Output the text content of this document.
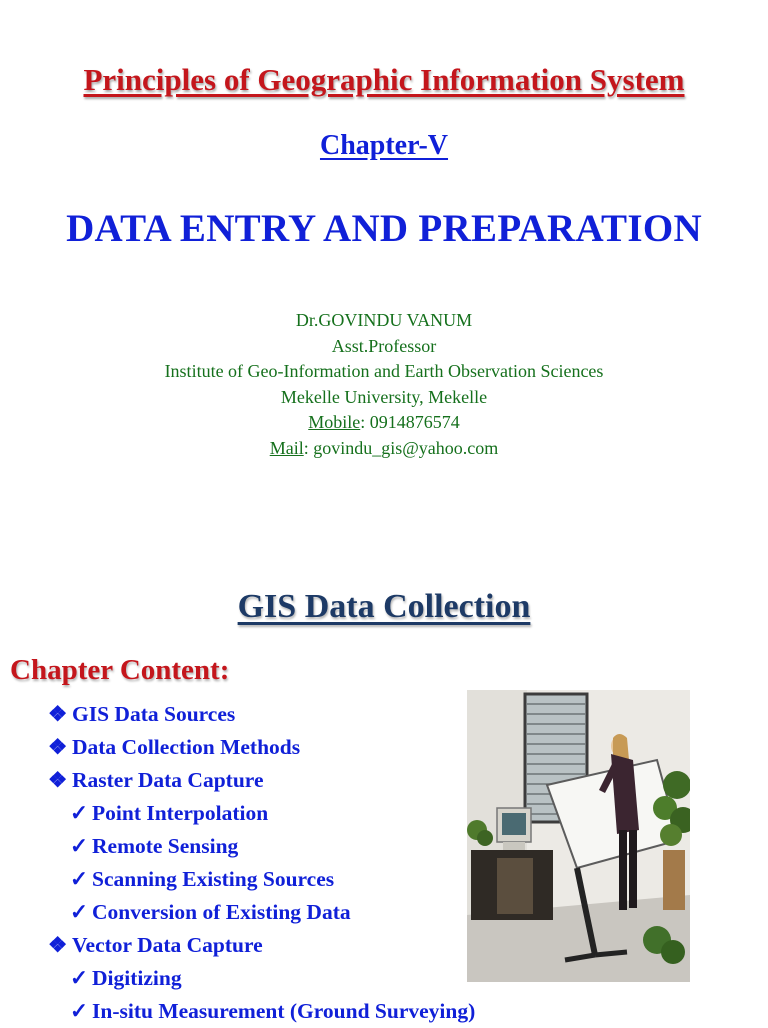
Principles of Geographic Information System
Chapter-V
DATA ENTRY AND PREPARATION
Dr.GOVINDU VANUM
Asst.Professor
Institute of Geo-Information and Earth Observation Sciences
Mekelle University, Mekelle
Mobile: 0914876574
Mail: govindu_gis@yahoo.com
GIS Data Collection
Chapter Content:
❖ GIS Data Sources
❖ Data Collection Methods
❖ Raster Data Capture
✓ Point Interpolation
✓ Remote Sensing
✓ Scanning Existing Sources
✓ Conversion of Existing Data
❖ Vector Data Capture
✓ Digitizing
✓ In-situ Measurement (Ground Surveying)
